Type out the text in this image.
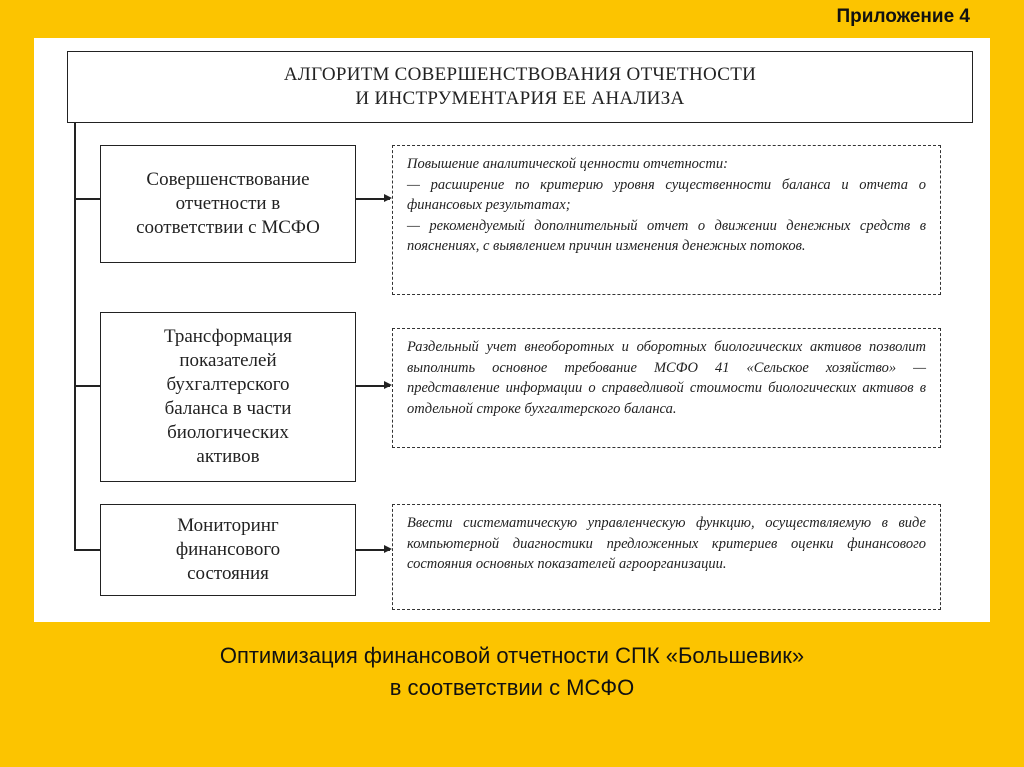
Приложение 4
АЛГОРИТМ СОВЕРШЕНСТВОВАНИЯ ОТЧЕТНОСТИ
И ИНСТРУМЕНТАРИЯ ЕЕ АНАЛИЗА
Совершенствование
отчетности в
соответствии с МСФО

Повышение аналитической ценности отчетности:

— расширение по критерию уровня существенности баланса и отчета о финансовых результатах;

— рекомендуемый дополнительный отчет о движении денежных средств в пояснениях, с выявлением причин изменения денежных потоков.

Трансформация
показателей
бухгалтерского
баланса в части
биологических
активов

Раздельный учет внеоборотных и оборотных биологических активов позволит выполнить основное требование МСФО 41 «Сельское хозяйство» — представление информации о справедливой стоимости биологических активов в отдельной строке бухгалтерского баланса.

Мониторинг
финансового
состояния

Ввести систематическую управленческую функцию, осуществляемую в виде компьютерной диагностики предложенных критериев оценки финансового состояния основных показателей агроорганизации.

Оптимизация финансовой отчетности СПК «Большевик»
в соответствии с МСФО
